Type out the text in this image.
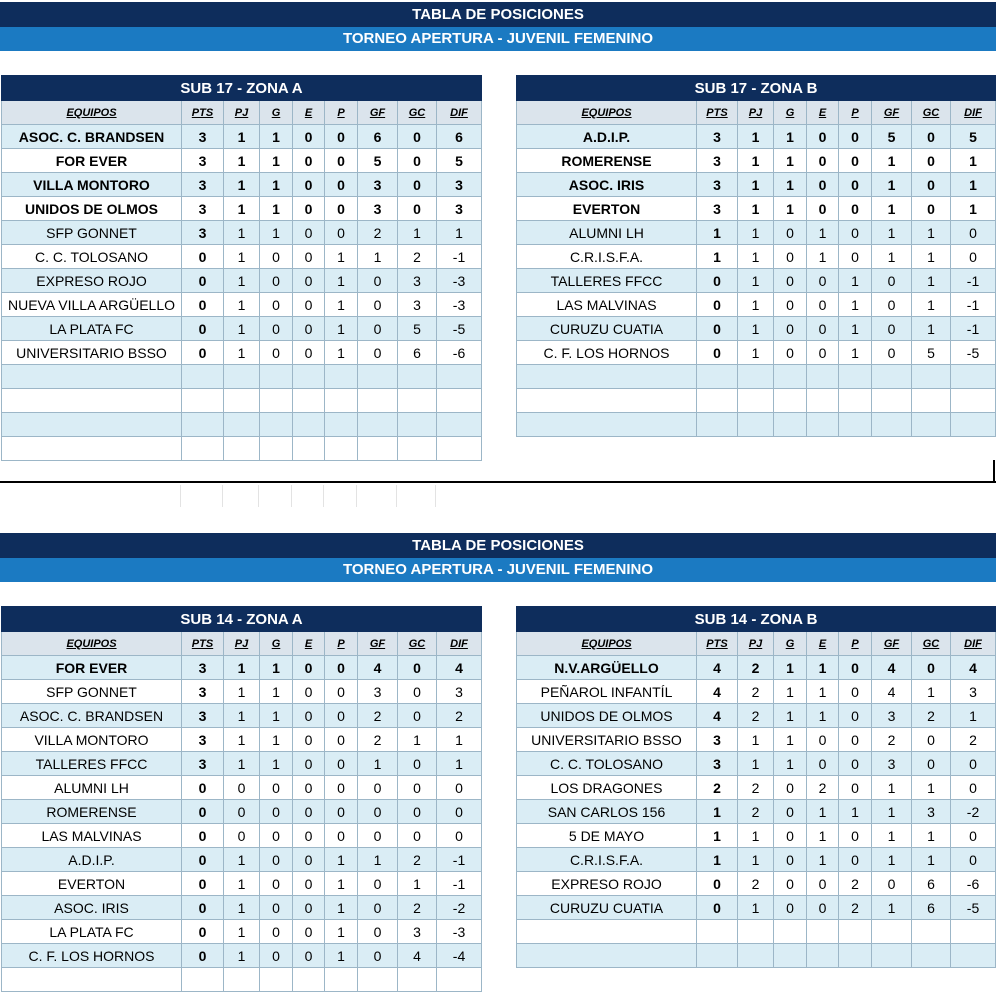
TABLA DE POSICIONES
TORNEO APERTURA - JUVENIL FEMENINO
SUB 17 - ZONA A								
EQUIPOS	PTS	PJ	G	E	P	GF	GC	DIF
ASOC. C. BRANDSEN	3	1	1	0	0	6	0	6
FOR EVER	3	1	1	0	0	5	0	5
VILLA MONTORO	3	1	1	0	0	3	0	3
UNIDOS DE OLMOS	3	1	1	0	0	3	0	3
SFP GONNET	3	1	1	0	0	2	1	1
C. C. TOLOSANO	0	1	0	0	1	1	2	-1
EXPRESO ROJO	0	1	0	0	1	0	3	-3
NUEVA VILLA ARGÜELLO	0	1	0	0	1	0	3	-3
LA PLATA FC	0	1	0	0	1	0	5	-5
UNIVERSITARIO BSSO	0	1	0	0	1	0	6	-6

SUB 17 - ZONA B								
EQUIPOS	PTS	PJ	G	E	P	GF	GC	DIF
A.D.I.P.	3	1	1	0	0	5	0	5
ROMERENSE	3	1	1	0	0	1	0	1
ASOC. IRIS	3	1	1	0	0	1	0	1
EVERTON	3	1	1	0	0	1	0	1
ALUMNI LH	1	1	0	1	0	1	1	0
C.R.I.S.F.A.	1	1	0	1	0	1	1	0
TALLERES FFCC	0	1	0	0	1	0	1	-1
LAS MALVINAS	0	1	0	0	1	0	1	-1
CURUZU CUATIA	0	1	0	0	1	0	1	-1
C. F. LOS HORNOS	0	1	0	0	1	0	5	-5

TABLA DE POSICIONES
TORNEO APERTURA - JUVENIL FEMENINO
SUB 14 - ZONA A								
EQUIPOS	PTS	PJ	G	E	P	GF	GC	DIF
FOR EVER	3	1	1	0	0	4	0	4
SFP GONNET	3	1	1	0	0	3	0	3
ASOC. C. BRANDSEN	3	1	1	0	0	2	0	2
VILLA MONTORO	3	1	1	0	0	2	1	1
TALLERES FFCC	3	1	1	0	0	1	0	1
ALUMNI LH	0	0	0	0	0	0	0	0
ROMERENSE	0	0	0	0	0	0	0	0
LAS MALVINAS	0	0	0	0	0	0	0	0
A.D.I.P.	0	1	0	0	1	1	2	-1
EVERTON	0	1	0	0	1	0	1	-1
ASOC. IRIS	0	1	0	0	1	0	2	-2
LA PLATA FC	0	1	0	0	1	0	3	-3
C. F. LOS HORNOS	0	1	0	0	1	0	4	-4

SUB 14 - ZONA B								
EQUIPOS	PTS	PJ	G	E	P	GF	GC	DIF
N.V.ARGÜELLO	4	2	1	1	0	4	0	4
PEÑAROL INFANTÍL	4	2	1	1	0	4	1	3
UNIDOS DE OLMOS	4	2	1	1	0	3	2	1
UNIVERSITARIO BSSO	3	1	1	0	0	2	0	2
C. C. TOLOSANO	3	1	1	0	0	3	0	0
LOS DRAGONES	2	2	0	2	0	1	1	0
SAN CARLOS 156	1	2	0	1	1	1	3	-2
5 DE MAYO	1	1	0	1	0	1	1	0
C.R.I.S.F.A.	1	1	0	1	0	1	1	0
EXPRESO ROJO	0	2	0	0	2	0	6	-6
CURUZU CUATIA	0	1	0	0	2	1	6	-5
